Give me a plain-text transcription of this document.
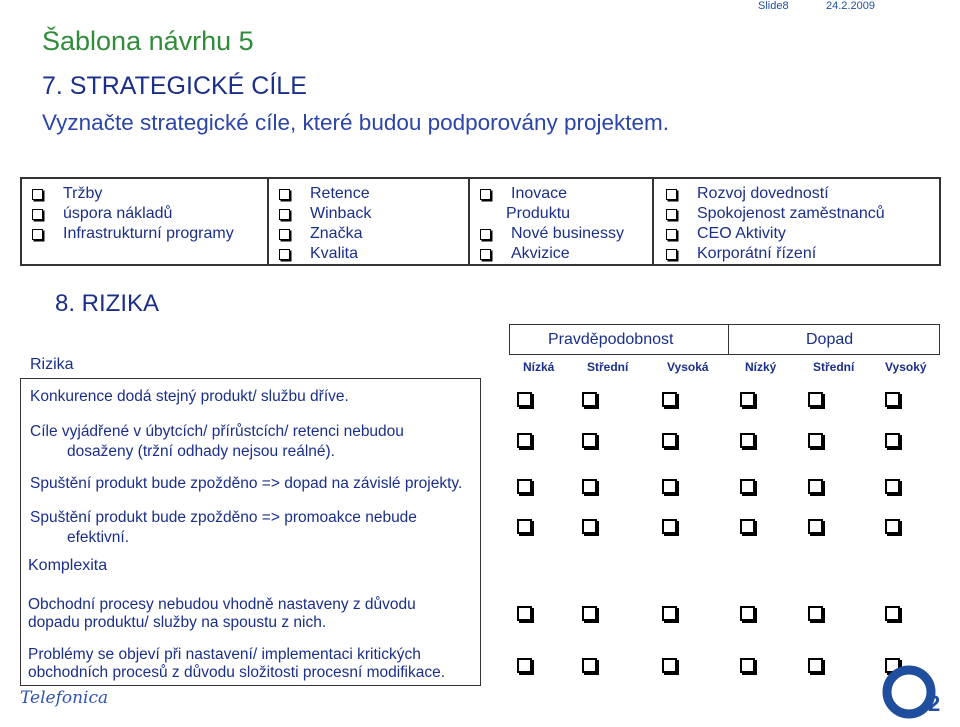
Slide8	24.2.2009
Šablona návrhu 5
7. STRATEGICKÉ CÍLE
Vyznačte strategické cíle, které budou podporovány projektem.
Tržby
úspora nákladů
Infrastrukturní programy
Retence
Winback
Značka
Kvalita
Inovace
Produktu
Nové businessy
Akvizice
Rozvoj dovedností
Spokojenost zaměstnanců
CEO Aktivity
Korporátní řízení
8. RIZIKA
Pravděpodobnost	Dopad
Rizika	Nízká	Střední	Vysoká	Nízký	Střední	Vysoký
Konkurence dodá stejný produkt/ službu dříve.
Cíle vyjádřené v úbytcích/ přírůstcích/ retenci nebudou
dosaženy (tržní odhady nejsou reálné).
Spuštění produkt bude zpožděno => dopad na závislé projekty.
Spuštění produkt bude zpožděno => promoakce nebude
efektivní.
Komplexita
Obchodní procesy nebudou vhodně nastaveny z důvodu
dopadu produktu/ služby na spoustu z nich.
Problémy se objeví při nastavení/ implementaci kritických
obchodních procesů z důvodu složitosti procesní modifikace.
Telefonica	2
